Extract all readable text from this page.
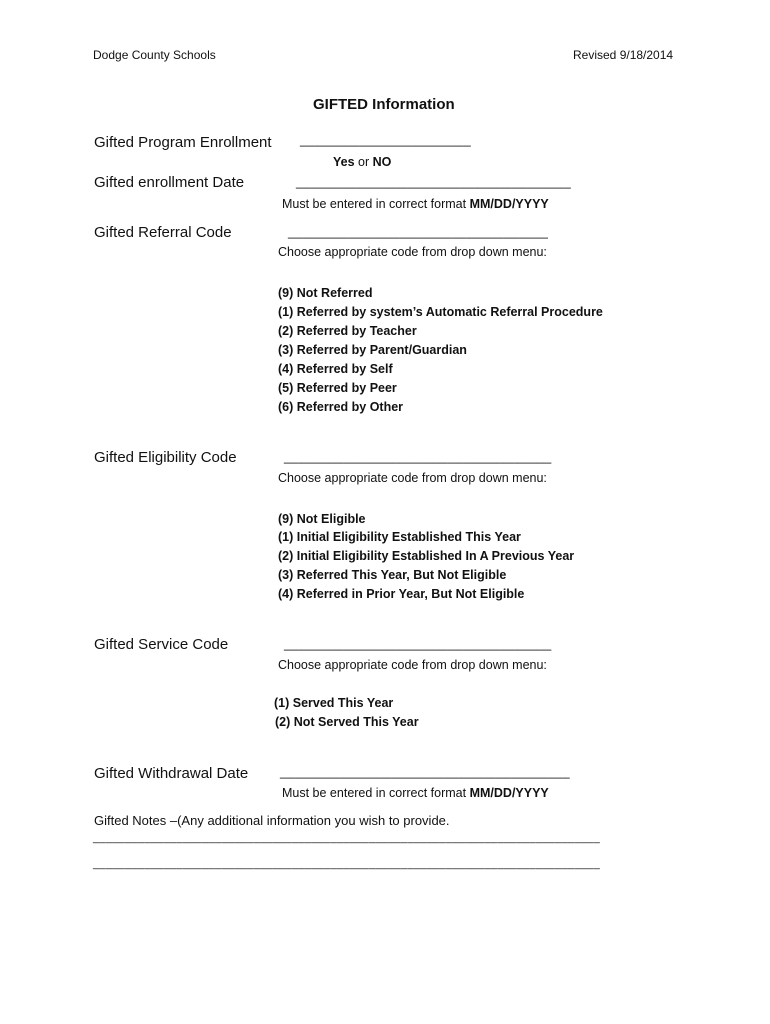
Dodge County Schools	Revised 9/18/2014
GIFTED Information
Gifted Program Enrollment _______________________
Yes or NO
Gifted enrollment Date	_____________________________________
Must be entered in correct format MM/DD/YYYY
Gifted Referral Code	___________________________________
Choose appropriate code from drop down menu:
(9) Not Referred
(1) Referred by system’s Automatic Referral Procedure
(2) Referred by Teacher
(3) Referred by Parent/Guardian
(4) Referred by Self
(5) Referred by Peer
(6) Referred by Other
Gifted Eligibility Code	____________________________________
Choose appropriate code from drop down menu:
(9) Not Eligible
(1) Initial Eligibility Established This Year
(2) Initial Eligibility Established In A Previous Year
(3) Referred This Year, But Not Eligible
(4) Referred in Prior Year, But Not Eligible
Gifted Service Code	____________________________________
Choose appropriate code from drop down menu:
(1) Served This Year
(2) Not Served This Year
Gifted Withdrawal Date _______________________________________
Must be entered in correct format MM/DD/YYYY
Gifted Notes –(Any additional information you wish to provide.
_______________________________________________________________________________
_______________________________________________________________________________
